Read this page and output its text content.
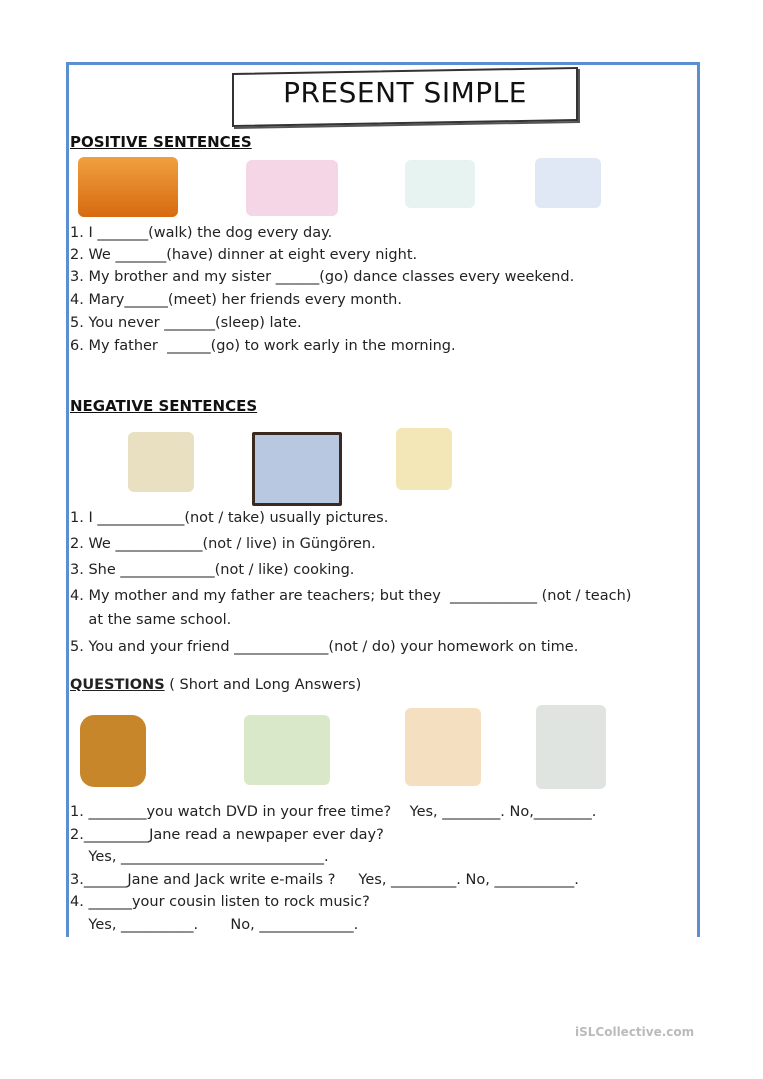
PRESENT SIMPLE
POSITIVE SENTENCES
1. I _______(walk) the dog every day.
2. We _______(have) dinner at eight every night.
3. My brother and my sister ______(go) dance classes every weekend.
4. Mary______(meet) her friends every month.
5. You never _______(sleep) late.
6. My father  ______(go) to work early in the morning.
NEGATIVE SENTENCES
1. I ____________(not / take) usually pictures.
2. We ____________(not / live) in Güngören.
3. She _____________(not / like) cooking.
4. My mother and my father are teachers; but they  ____________ (not / teach)
at the same school.
5. You and your friend _____________(not / do) your homework on time.
QUESTIONS ( Short and Long Answers)
1. ________you watch DVD in your free time?    Yes, ________. No,________.
2._________Jane read a newpaper ever day?
Yes, ____________________________.
3.______Jane and Jack write e-mails ?     Yes, _________. No, ___________.
4. ______your cousin listen to rock music?
Yes, __________.       No, _____________.
iSLCollective.com
